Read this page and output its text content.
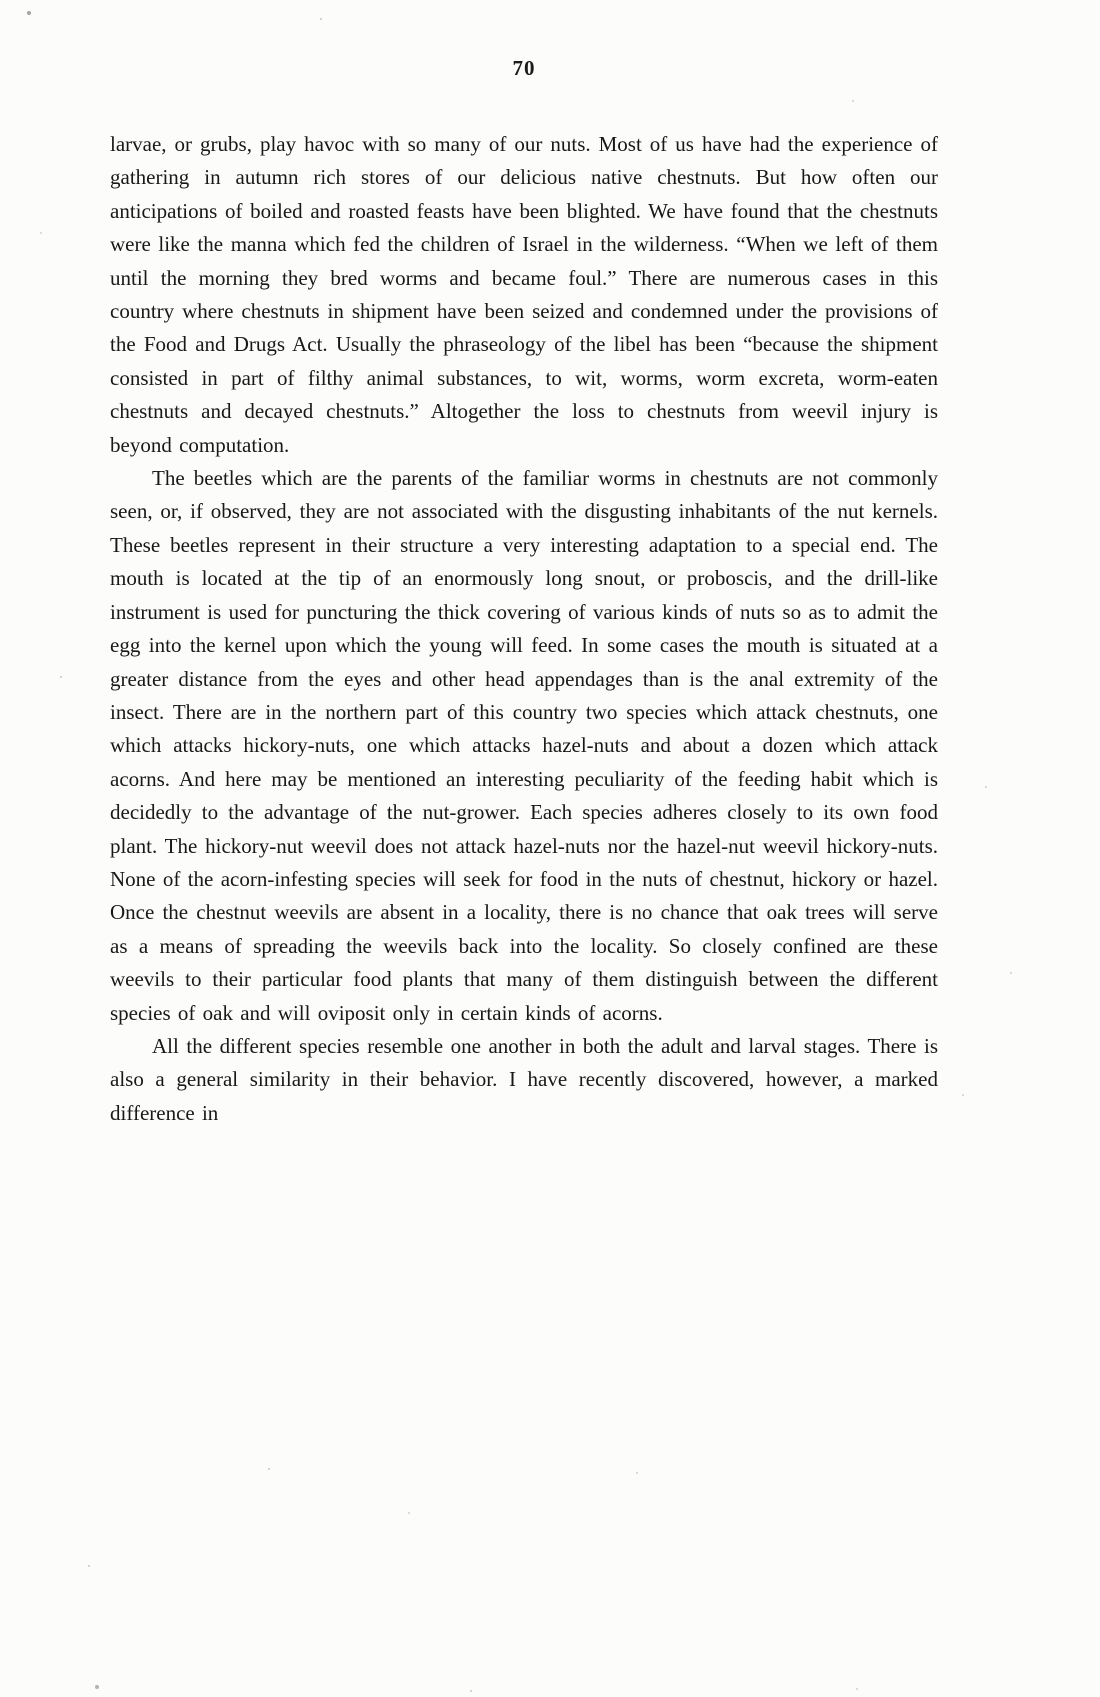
70

larvae, or grubs, play havoc with so many of our nuts. Most of us have had the experience of gathering in autumn rich stores of our delicious native chestnuts. But how often our anticipations of boiled and roasted feasts have been blighted. We have found that the chestnuts were like the manna which fed the children of Israel in the wilderness. “When we left of them until the morning they bred worms and became foul.” There are numerous cases in this country where chestnuts in shipment have been seized and condemned under the provisions of the Food and Drugs Act. Usually the phraseology of the libel has been “because the shipment consisted in part of filthy animal substances, to wit, worms, worm excreta, worm-eaten chestnuts and decayed chestnuts.” Altogether the loss to chestnuts from weevil injury is beyond computation.

The beetles which are the parents of the familiar worms in chestnuts are not commonly seen, or, if observed, they are not associated with the disgusting inhabitants of the nut kernels. These beetles represent in their structure a very interesting adaptation to a special end. The mouth is located at the tip of an enormously long snout, or proboscis, and the drill-like instrument is used for puncturing the thick covering of various kinds of nuts so as to admit the egg into the kernel upon which the young will feed. In some cases the mouth is situated at a greater distance from the eyes and other head appendages than is the anal extremity of the insect. There are in the northern part of this country two species which attack chestnuts, one which attacks hickory-nuts, one which attacks hazel-nuts and about a dozen which attack acorns. And here may be mentioned an interesting peculiarity of the feeding habit which is decidedly to the advantage of the nut-grower. Each species adheres closely to its own food plant. The hickory-nut weevil does not attack hazel-nuts nor the hazel-nut weevil hickory-nuts. None of the acorn-infesting species will seek for food in the nuts of chestnut, hickory or hazel. Once the chestnut weevils are absent in a locality, there is no chance that oak trees will serve as a means of spreading the weevils back into the locality. So closely confined are these weevils to their particular food plants that many of them distinguish between the different species of oak and will oviposit only in certain kinds of acorns.

All the different species resemble one another in both the adult and larval stages. There is also a general similarity in their behavior. I have recently discovered, however, a marked difference in
